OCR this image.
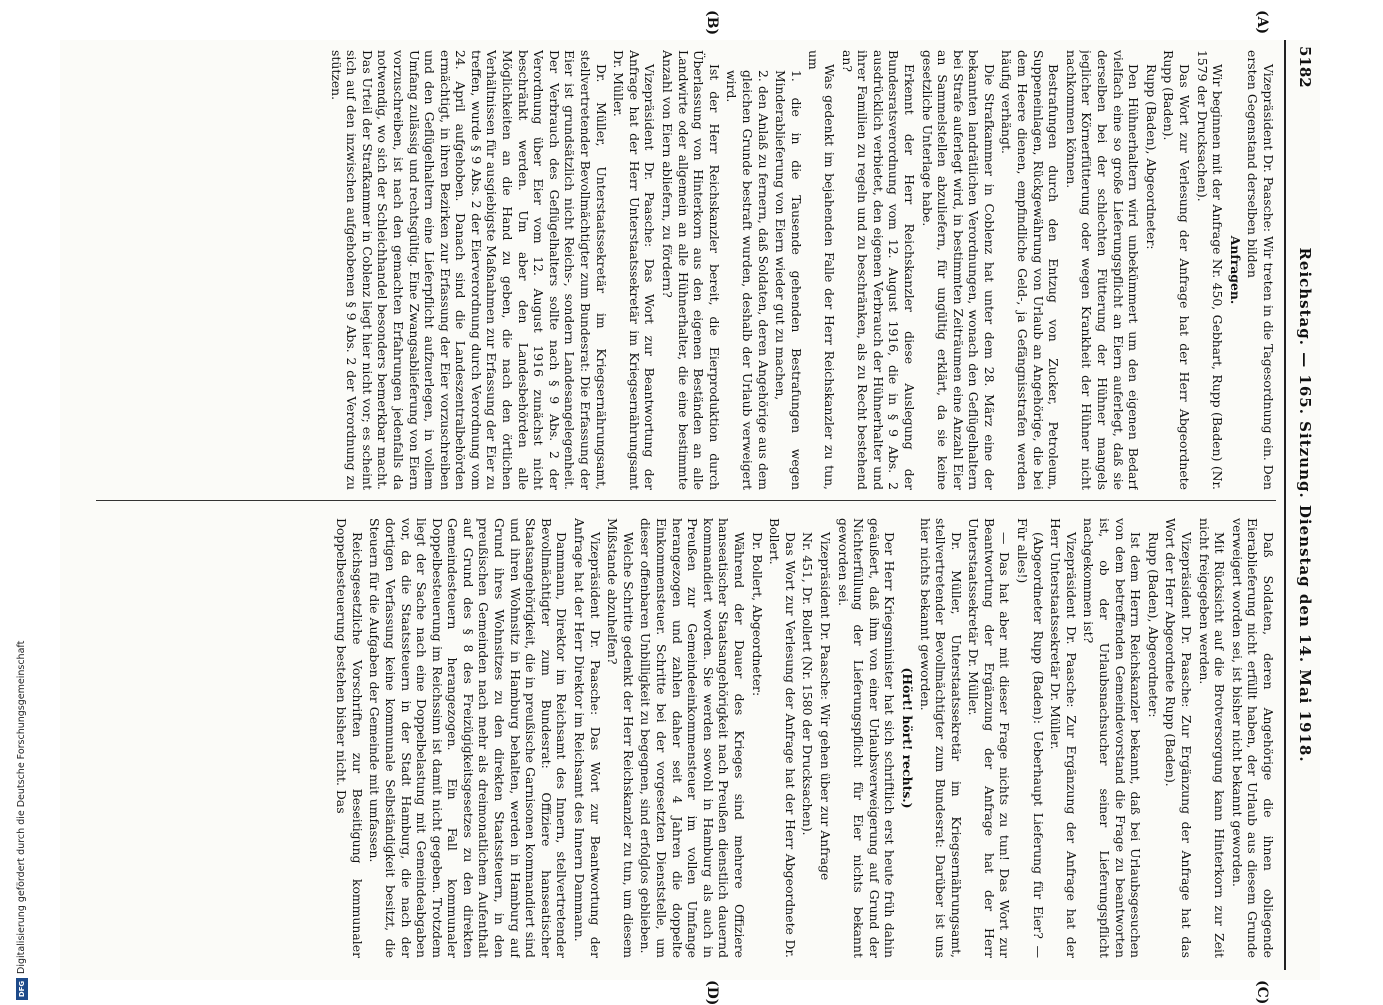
5182
Reichstag. — 165. Sitzung. Dienstag den 14. Mai 1918.
(A)
(B)
(C)
(D)

Vizepräsident Dr. Paasche: Wir treten in die Tagesordnung ein. Den ersten Gegenstand derselben bilden

Anfragen.

Wir beginnen mit der Anfrage Nr. 450, Gebhart, Rupp (Baden) (Nr. 1579 der Drucksachen).

Das Wort zur Verlesung der Anfrage hat der Herr Abgeordnete Rupp (Baden).

Rupp (Baden), Abgeordneter:

Den Hühnerhaltern wird unbekümmert um den eigenen Bedarf vielfach eine so große Lieferungspflicht an Eiern auferlegt, daß sie derselben bei der schlechten Fütterung der Hühner mangels jeglicher Körnerfütterung oder wegen Krankheit der Hühner nicht nachkommen können.

Bestrafungen durch den Entzug von Zucker, Petroleum, Suppeneinlagen, Rückgewährung von Urlaub an Angehörige, die bei dem Heere dienen, empfindliche Geld-, ja Gefängnisstrafen werden häufig verhängt.

Die Strafkammer in Coblenz hat unter dem 28. März eine der bekannten landrätlichen Verordnungen, wonach den Geflügelhaltern bei Strafe auferlegt wird, in bestimmten Zeiträumen eine Anzahl Eier an Sammelstellen abzuliefern, für ungültig erklärt, da sie keine gesetzliche Unterlage habe.

Erkennt der Herr Reichskanzler diese Auslegung der Bundesratsverordnung vom 12. August 1916, die in § 9 Abs. 2 ausdrücklich verbietet, den eigenen Verbrauch der Hühnerhalter und ihrer Familien zu regeln und zu beschränken, als zu Recht bestehend an?

Was gedenkt im bejahenden Falle der Herr Reichskanzler zu tun, um

1. die in die Tausende gehenden Bestrafungen wegen Minderablieferung von Eiern wieder gut zu machen,

2. den Anlaß zu fernern, daß Soldaten, deren Angehörige aus dem gleichen Grunde bestraft wurden, deshalb der Urlaub verweigert wird.

Ist der Herr Reichskanzler bereit, die Eierproduktion durch Überlassung von Hinterkorn aus den eigenen Beständen an alle Landwirte oder allgemein an alle Hühnerhalter, die eine bestimmte Anzahl von Eiern abliefern, zu fördern?

Vizepräsident Dr. Paasche: Das Wort zur Beantwortung der Anfrage hat der Herr Unterstaatssekretär im Kriegsernährungsamt Dr. Müller.

Dr. Müller, Unterstaatssekretär im Kriegsernährungsamt, stellvertretender Bevollmächtigter zum Bundesrat: Die Erfassung der Eier ist grundsätzlich nicht Reichs-, sondern Landesangelegenheit. Der Verbrauch des Geflügelhalters sollte nach § 9 Abs. 2 der Verordnung über Eier vom 12. August 1916 zunächst nicht beschränkt werden. Um aber den Landesbehörden alle Möglichkeiten an die Hand zu geben, die nach den örtlichen Verhältnissen für ausgiebigste Maßnahmen zur Erfassung der Eier zu treffen, wurde § 9 Abs. 2 der Eierverordnung durch Verordnung vom 24. April aufgehoben. Danach sind die Landeszentralbehörden ermächtigt, in ihren Bezirken zur Erfassung der Eier vorzuschreiben und den Geflügelhaltern eine Lieferpflicht aufzuerlegen, in vollem Umfang zulässig und rechtsgültig. Eine Zwangsablieferung von Eiern vorzuschreiben, ist nach den gemachten Erfahrungen jedenfalls da notwendig, wo sich der Schleichhandel besonders bemerkbar macht. Das Urteil der Strafkammer in Coblenz liegt hier nicht vor; es scheint sich auf den inzwischen aufgehobenen § 9 Abs. 2 der Verordnung zu stützen.

Daß Soldaten, deren Angehörige die ihnen obliegende Eierablieferung nicht erfüllt haben, der Urlaub aus diesem Grunde verweigert worden sei, ist bisher nicht bekannt geworden.

Mit Rücksicht auf die Brotversorgung kann Hinterkorn zur Zeit nicht freigegeben werden.

Vizepräsident Dr. Paasche: Zur Ergänzung der Anfrage hat das Wort der Herr Abgeordnete Rupp (Baden).

Rupp (Baden), Abgeordneter:

Ist dem Herrn Reichskanzler bekannt, daß bei Urlaubsgesuchen von dem betreffenden Gemeindevorstand die Frage zu beantworten ist, ob der Urlaubsnachsucher seiner Lieferungspflicht nachgekommen ist?

Vizepräsident Dr. Paasche: Zur Ergänzung der Anfrage hat der Herr Unterstaatssekretär Dr. Müller.

(Abgeordneter Rupp (Baden): Ueberhaupt Lieferung für Eier? — Für alles!)

— Das hat aber mit dieser Frage nichts zu tun! Das Wort zur Beantwortung der Ergänzung der Anfrage hat der Herr Unterstaatssekretär Dr. Müller.

Dr. Müller, Unterstaatssekretär im Kriegsernährungsamt, stellvertretender Bevollmächtigter zum Bundesrat: Darüber ist uns hier nichts bekannt geworden.

(Hört! hört! rechts.)

Der Herr Kriegsminister hat sich schriftlich erst heute früh dahin geäußert, daß ihm von einer Urlaubsverweigerung auf Grund der Nichterfüllung der Lieferungspflicht für Eier nichts bekannt geworden sei.

Vizepräsident Dr. Paasche: Wir gehen über zur Anfrage

Nr. 451, Dr. Bollert (Nr. 1580 der Drucksachen).

Das Wort zur Verlesung der Anfrage hat der Herr Abgeordnete Dr. Bollert.

Dr. Bollert, Abgeordneter:

Während der Dauer des Krieges sind mehrere Offiziere hanseatischer Staatsangehörigkeit nach Preußen dienstlich dauernd kommandiert worden. Sie werden sowohl in Hamburg als auch in Preußen zur Gemeindeeinkommensteuer im vollen Umfange herangezogen und zahlen daher seit 4 Jahren die doppelte Einkommensteuer. Schritte bei der vorgesetzten Dienststelle, um dieser offenbaren Unbilligkeit zu begegnen, sind erfolglos geblieben.

Welche Schritte gedenkt der Herr Reichskanzler zu tun, um diesem Mißstande abzuhelfen?

Vizepräsident Dr. Paasche: Das Wort zur Beantwortung der Anfrage hat der Herr Direktor im Reichsamt des Innern Dammann.

Dammann, Direktor im Reichsamt des Innern, stellvertretender Bevollmächtigter zum Bundesrat: Offiziere hanseatischer Staatsangehörigkeit, die in preußische Garnisonen kommandiert sind und ihren Wohnsitz in Hamburg behalten, werden in Hamburg auf Grund ihres Wohnsitzes zu den direkten Staatssteuern, in den preußischen Gemeinden nach mehr als dreimonatlichem Aufenthalt auf Grund des § 8 des Freizügigkeitsgesetzes zu den direkten Gemeindesteuern herangezogen. Ein Fall kommunaler Doppelbesteuerung im Reichssinn ist damit nicht gegeben. Trotzdem liegt der Sache nach eine Doppelbelastung mit Gemeindeabgaben vor, da die Staatssteuern in der Stadt Hamburg, die nach der dortigen Verfassung keine kommunale Selbständigkeit besitzt, die Steuern für die Aufgaben der Gemeinde mit umfassen.

Reichsgesetzliche Vorschriften zur Beseitigung kommunaler Doppelbesteuerung bestehen bisher nicht. Das

DFGDigitalisierung gefördert durch die Deutsche Forschungsgemeinschaft
